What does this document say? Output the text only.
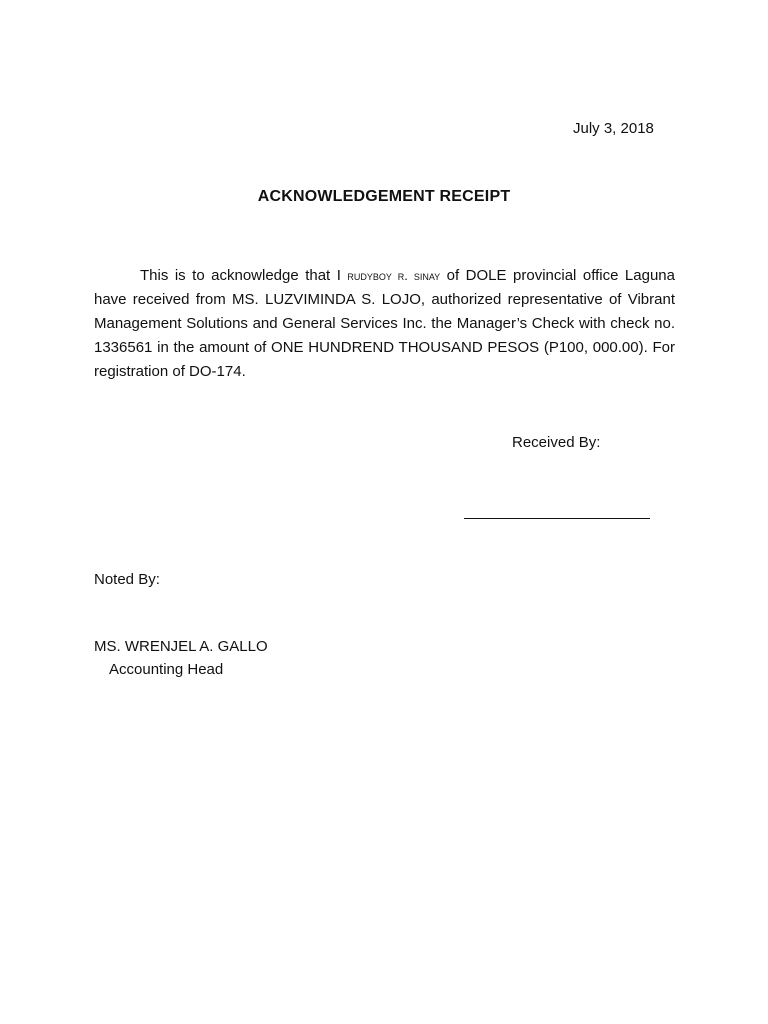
July 3, 2018
ACKNOWLEDGEMENT RECEIPT

This is to acknowledge that I rudyboy r. sinay of DOLE provincial office Laguna have received from MS. LUZVIMINDA S. LOJO, authorized representative of Vibrant Management Solutions and General Services Inc. the Manager’s Check with check no. 1336561 in the amount of ONE HUNDREND THOUSAND PESOS (P100, 000.00). For registration of DO-174.

Received By:
Noted By:
MS. WRENJEL A. GALLO
Accounting Head
